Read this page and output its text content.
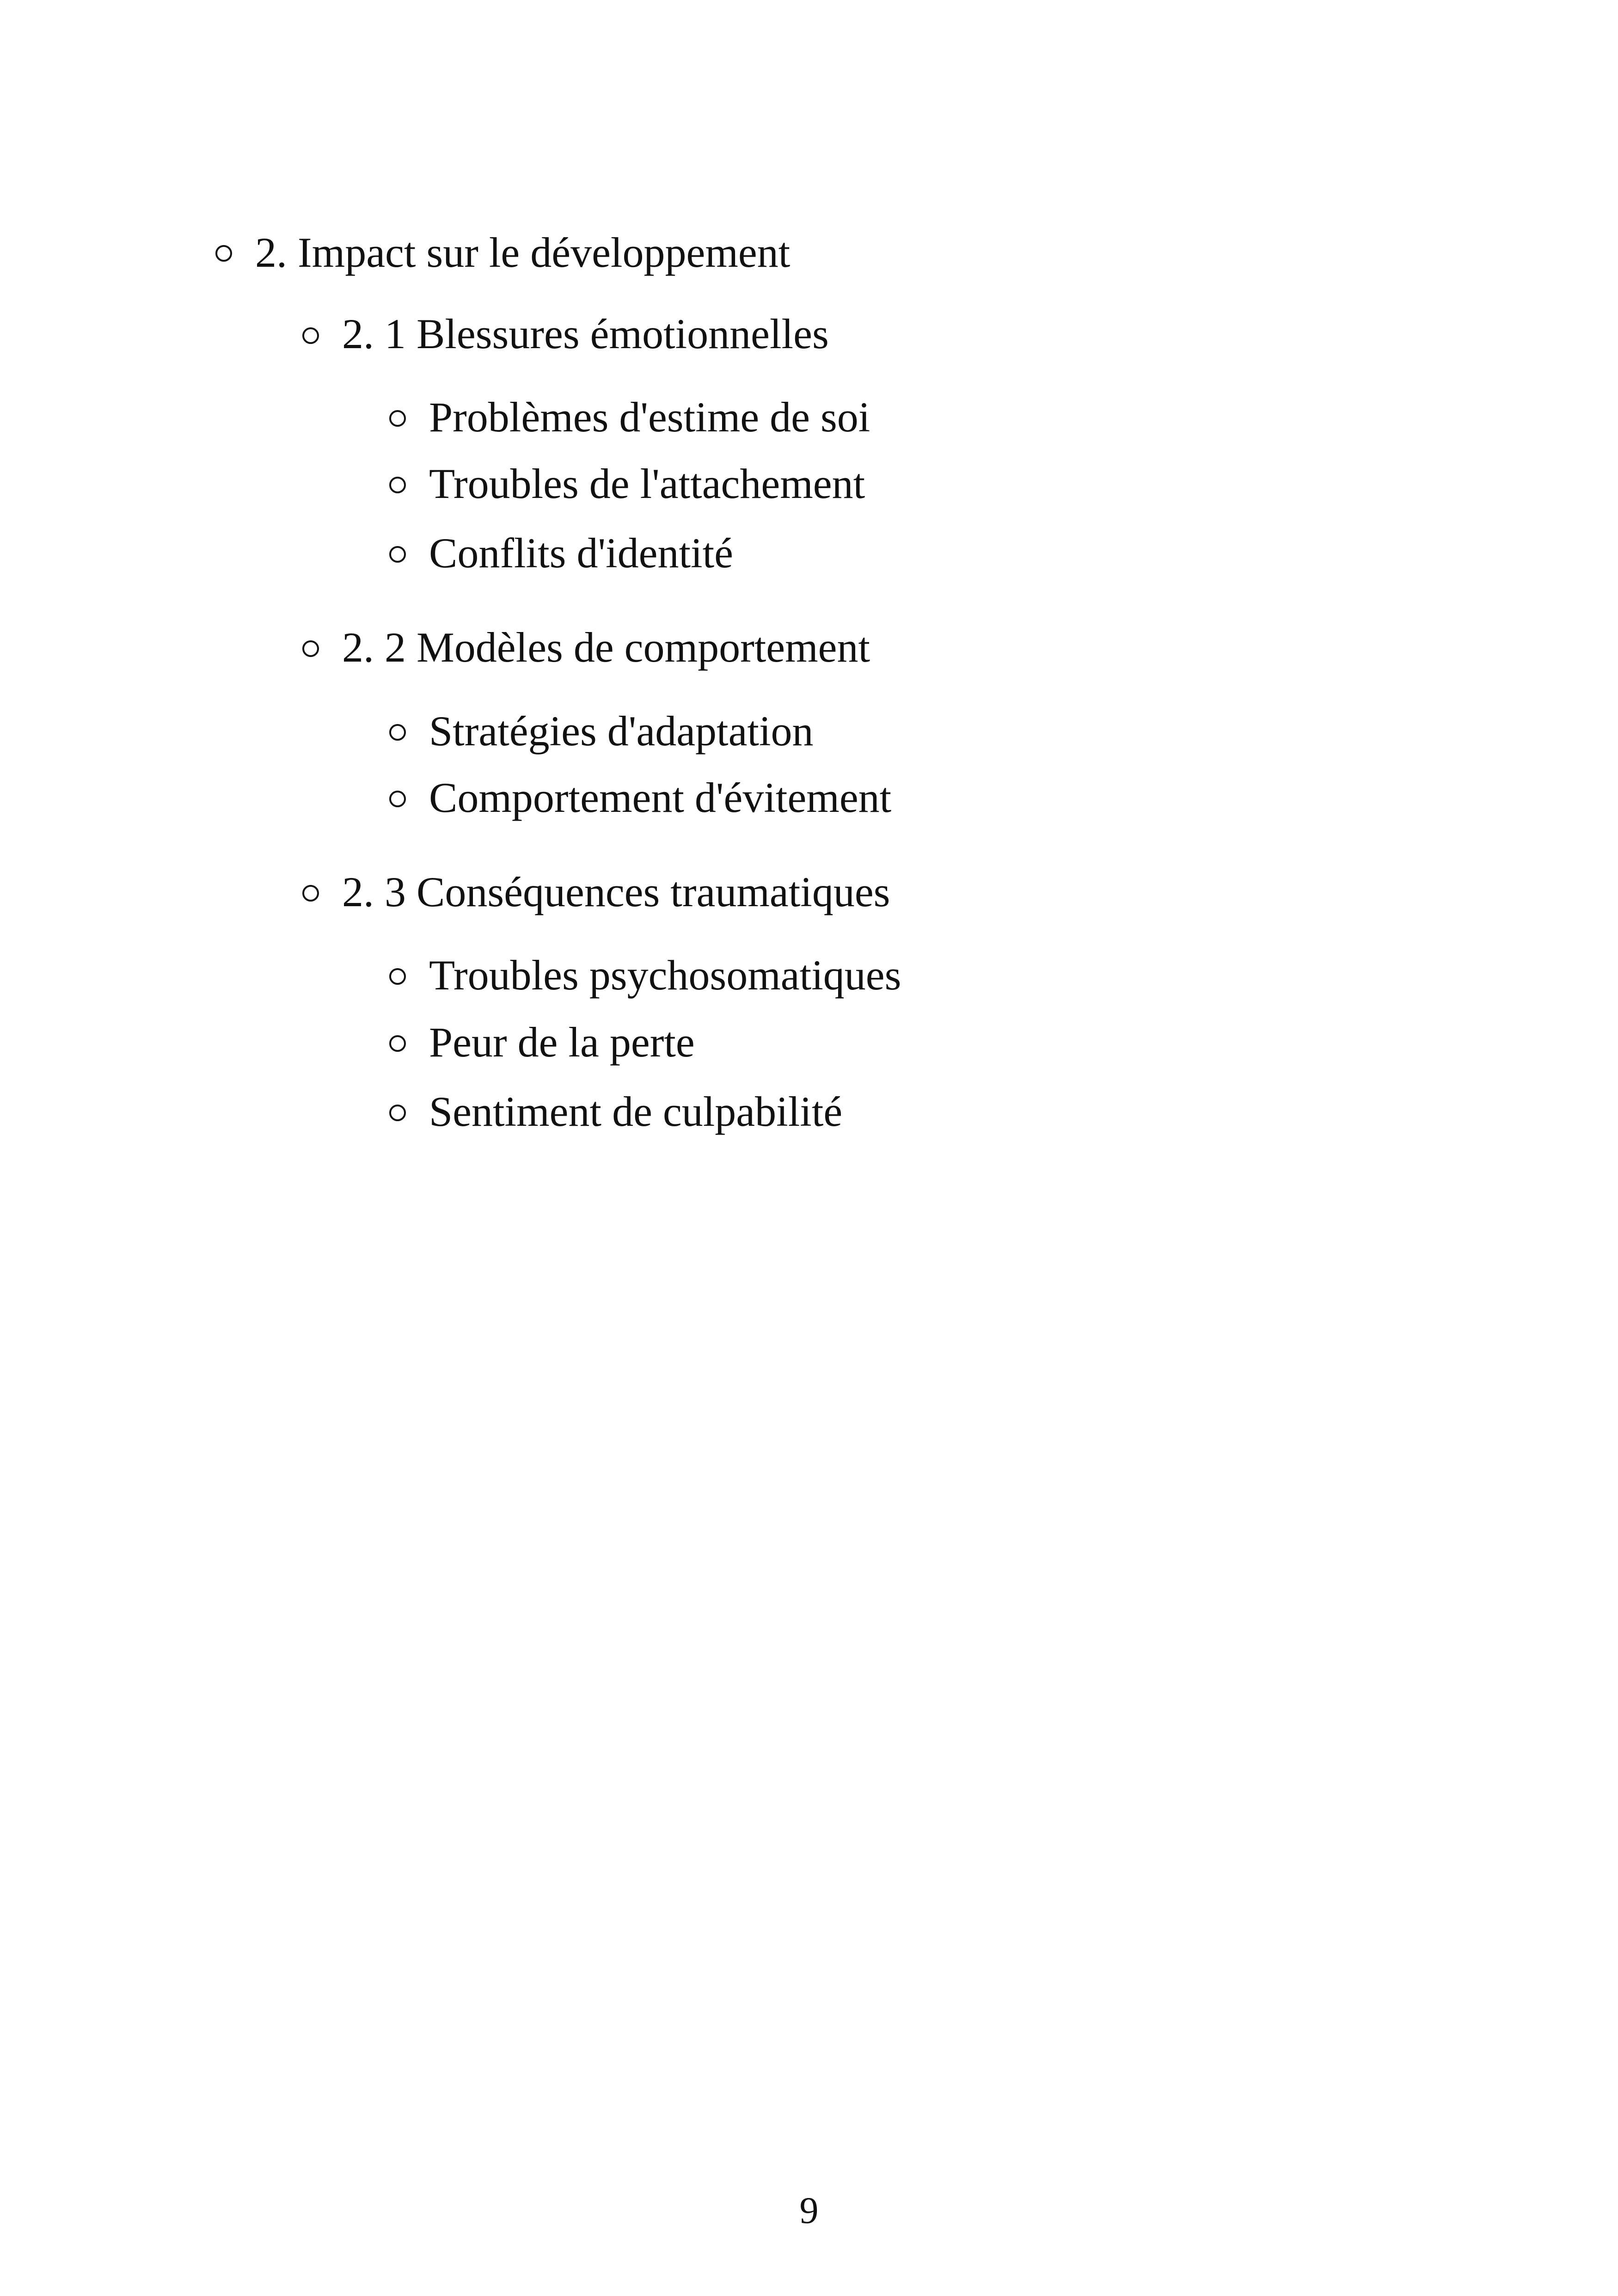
2. Impact sur le développement
2. 1 Blessures émotionnelles
Problèmes d'estime de soi
Troubles de l'attachement
Conflits d'identité
2. 2 Modèles de comportement
Stratégies d'adaptation
Comportement d'évitement
2. 3 Conséquences traumatiques
Troubles psychosomatiques
Peur de la perte
Sentiment de culpabilité
9
